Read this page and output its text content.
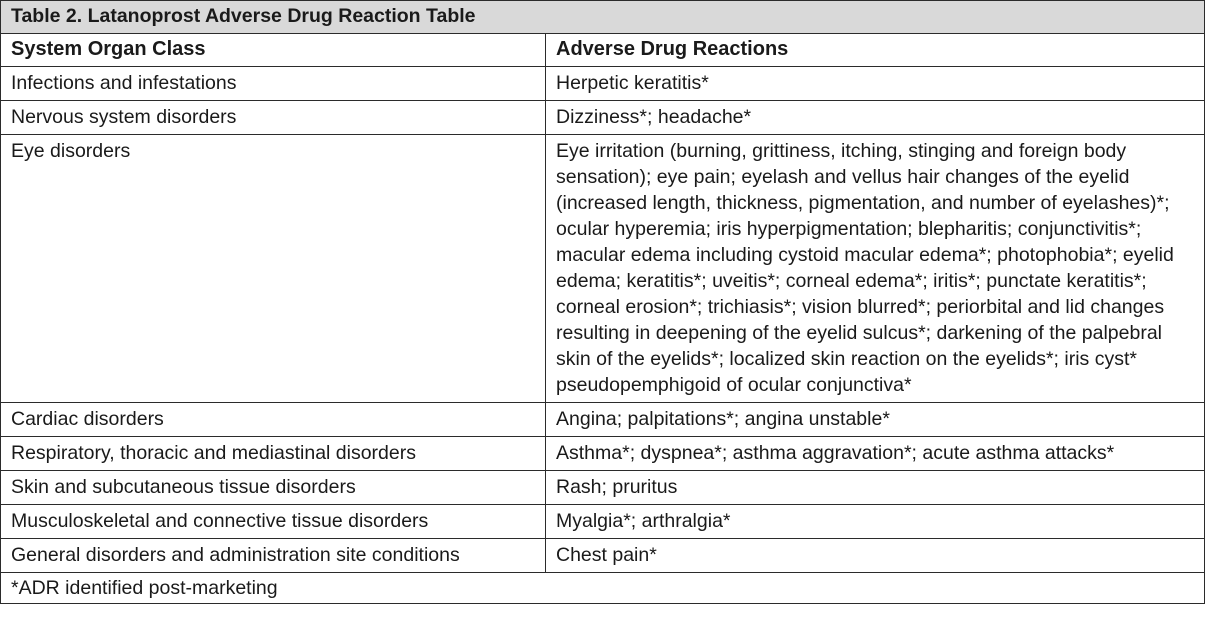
Table 2. Latanoprost Adverse Drug Reaction Table	
System Organ Class	Adverse Drug Reactions
Infections and infestations	Herpetic keratitis*
Nervous system disorders	Dizziness*; headache*
Eye disorders	Eye irritation (burning, grittiness, itching, stinging and foreign body sensation); eye pain; eyelash and vellus hair changes of the eyelid (increased length, thickness, pigmentation, and number of eyelashes)*; ocular hyperemia; iris hyperpigmentation; blepharitis; conjunctivitis*; macular edema including cystoid macular edema*; photophobia*; eyelid edema; keratitis*; uveitis*; corneal edema*; iritis*; punctate keratitis*; corneal erosion*; trichiasis*; vision blurred*; periorbital and lid changes resulting in deepening of the eyelid sulcus*; darkening of the palpebral skin of the eyelids*; localized skin reaction on the eyelids*; iris cyst* pseudopemphigoid of ocular conjunctiva*
Cardiac disorders	Angina; palpitations*; angina unstable*
Respiratory, thoracic and mediastinal disorders	Asthma*; dyspnea*; asthma aggravation*; acute asthma attacks*
Skin and subcutaneous tissue disorders	Rash; pruritus
Musculoskeletal and connective tissue disorders	Myalgia*; arthralgia*
General disorders and administration site conditions	Chest pain*
*ADR identified post-marketing	
